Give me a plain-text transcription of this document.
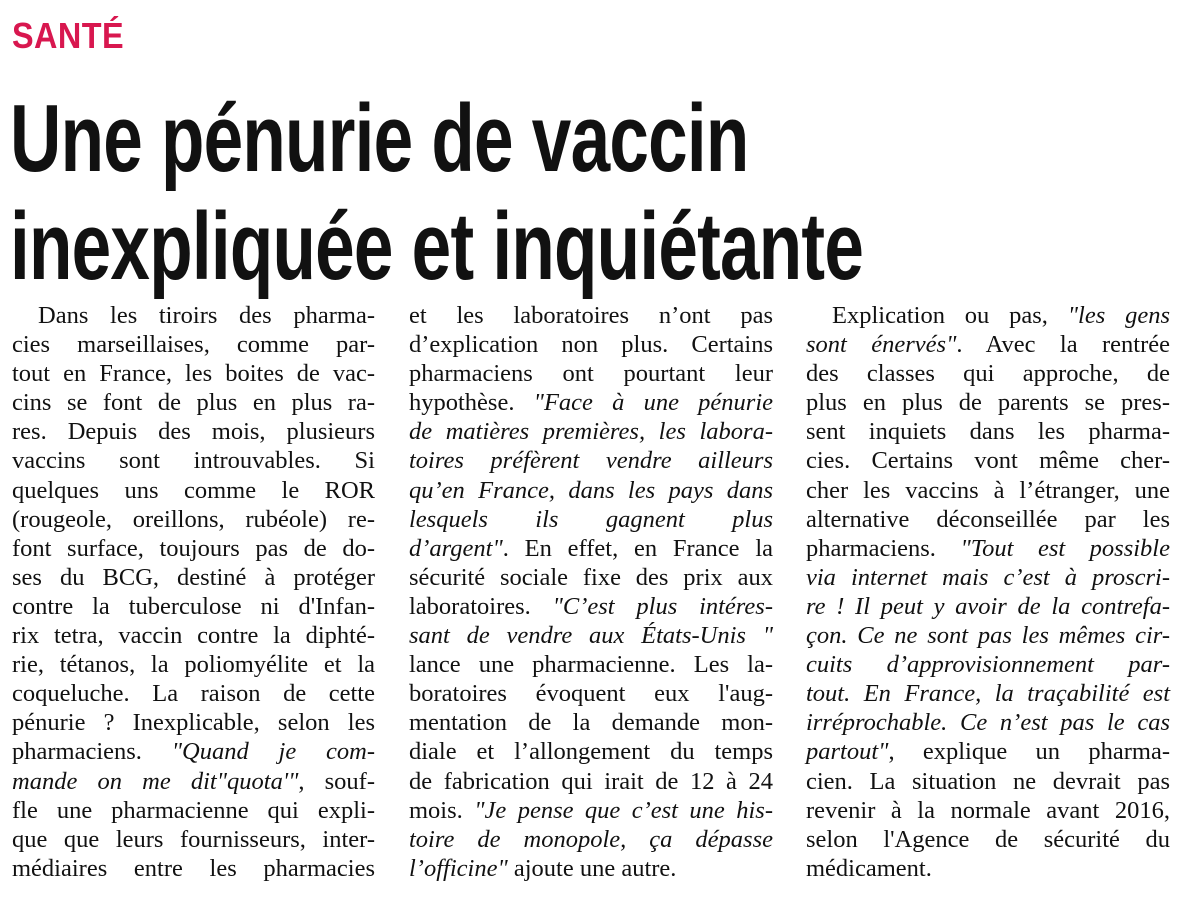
SANTÉ
Une pénurie de vaccin
inexpliquée et inquiétante
Dans les tiroirs des pharma-
cies marseillaises, comme par-
tout en France, les boites de vac-
cins se font de plus en plus ra-
res. Depuis des mois, plusieurs
vaccins sont introuvables. Si
quelques uns comme le ROR
(rougeole, oreillons, rubéole) re-
font surface, toujours pas de do-
ses du BCG, destiné à protéger
contre la tuberculose ni d'Infan-
rix tetra, vaccin contre la diphté-
rie, tétanos, la poliomyélite et la
coqueluche. La raison de cette
pénurie ? Inexplicable, selon les
pharmaciens. "Quand je com-
mande on me dit"quota'", souf-
fle une pharmacienne qui expli-
que que leurs fournisseurs, inter-
médiaires entre les pharmacies
et les laboratoires n’ont pas
d’explication non plus. Certains
pharmaciens ont pourtant leur
hypothèse. "Face à une pénurie
de matières premières, les labora-
toires préfèrent vendre ailleurs
qu’en France, dans les pays dans
lesquels ils gagnent plus
d’argent". En effet, en France la
sécurité sociale fixe des prix aux
laboratoires. "C’est plus intéres-
sant de vendre aux États-Unis "
lance une pharmacienne. Les la-
boratoires évoquent eux l'aug-
mentation de la demande mon-
diale et l’allongement du temps
de fabrication qui irait de 12 à 24
mois. "Je pense que c’est une his-
toire de monopole, ça dépasse
l’officine" ajoute une autre.
Explication ou pas, "les gens
sont énervés". Avec la rentrée
des classes qui approche, de
plus en plus de parents se pres-
sent inquiets dans les pharma-
cies. Certains vont même cher-
cher les vaccins à l’étranger, une
alternative déconseillée par les
pharmaciens. "Tout est possible
via internet mais c’est à proscri-
re ! Il peut y avoir de la contrefa-
çon. Ce ne sont pas les mêmes cir-
cuits d’approvisionnement par-
tout. En France, la traçabilité est
irréprochable. Ce n’est pas le cas
partout", explique un pharma-
cien. La situation ne devrait pas
revenir à la normale avant 2016,
selon l'Agence de sécurité du
médicament.
